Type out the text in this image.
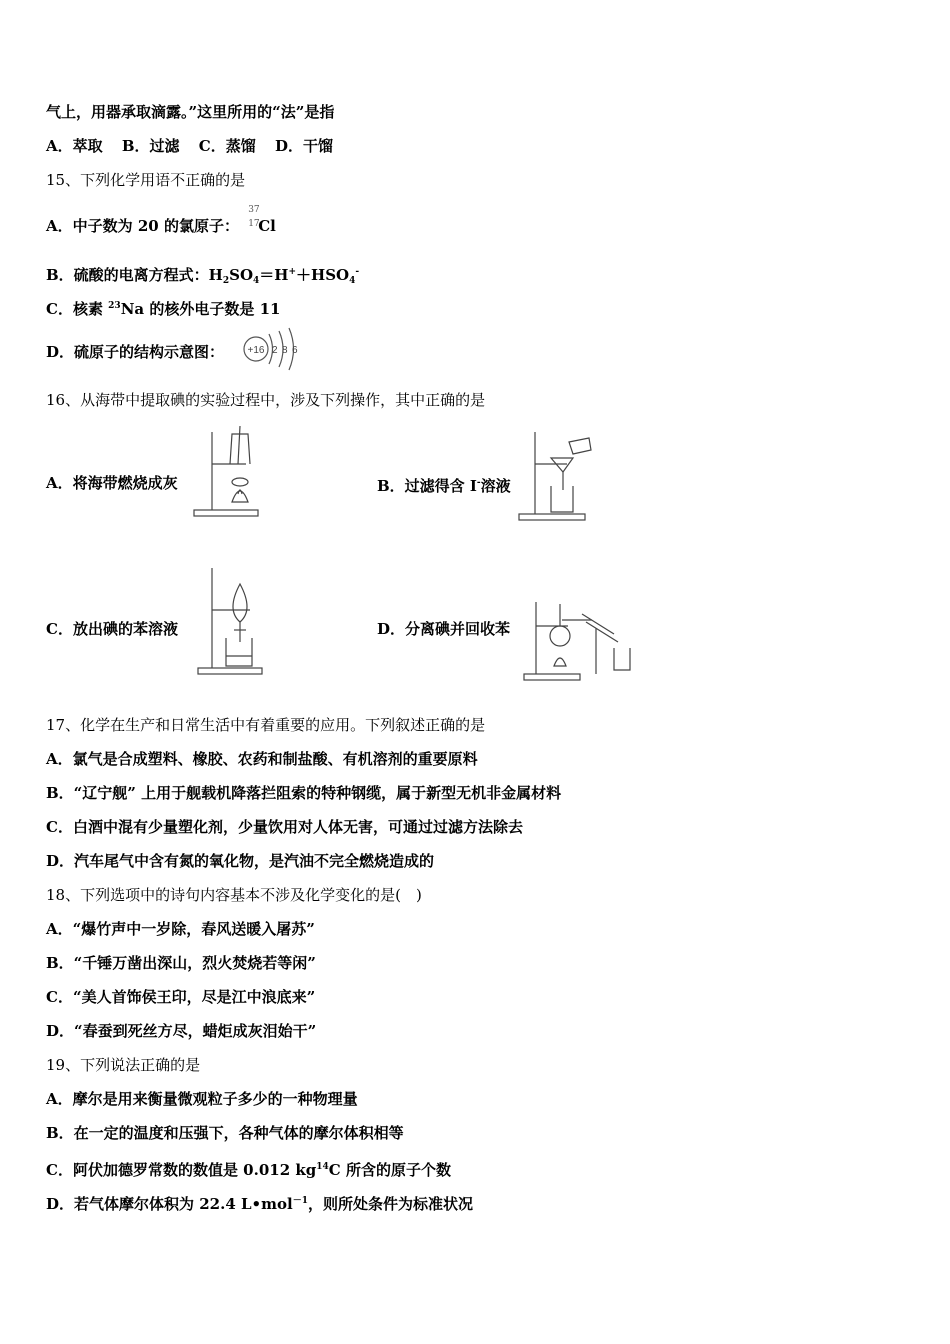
气上，用器承取滴露。”这里所用的“法”是指
A．萃取 B．过滤 C．蒸馏 D．干馏
15、下列化学用语不正确的是
A．中子数为 20 的氯原子：
37
17
Cl
B．硫酸的电离方程式：$H_2SO_4=H^++HSO_4^-$
C．核素 $^{23}$Na 的核外电子数是 11
D．硫原子的结构示意图： +16 2 8 6
16、从海带中提取碘的实验过程中，涉及下列操作，其中正确的是
A．将海带燃烧成灰	B．过滤得含 I-溶液
C．放出碘的苯溶液	D．分离碘并回收苯
17、化学在生产和日常生活中有着重要的应用。下列叙述正确的是
A．氯气是合成塑料、橡胶、农药和制盐酸、有机溶剂的重要原料
B．“辽宁舰” 上用于舰载机降落拦阻索的特种钢缆，属于新型无机非金属材料
C．白酒中混有少量塑化剂，少量饮用对人体无害，可通过过滤方法除去
D．汽车尾气中含有氮的氧化物，是汽油不完全燃烧造成的
18、下列选项中的诗句内容基本不涉及化学变化的是(　)
A．“爆竹声中一岁除，春风送暖入屠苏”
B．“千锤万凿出深山，烈火焚烧若等闲”
C．“美人首饰侯王印，尽是江中浪底来”
D．“春蚕到死丝方尽，蜡炬成灰泪始干”
19、下列说法正确的是
A．摩尔是用来衡量微观粒子多少的一种物理量
B．在一定的温度和压强下，各种气体的摩尔体积相等
C．阿伏加德罗常数的数值是 0.012 $kg^{14}C$ 所含的原子个数
D．若气体摩尔体积为 22.4 L•mol$^{-1}$，则所处条件为标准状况
